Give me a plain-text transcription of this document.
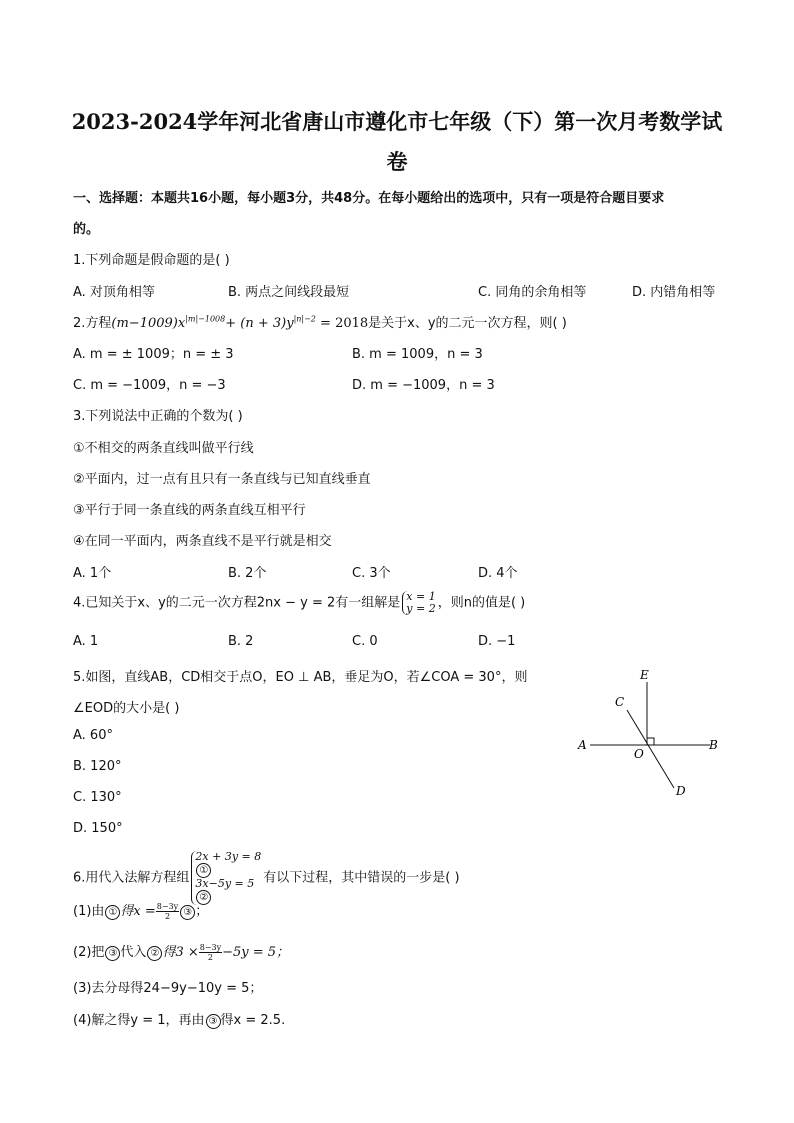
2023-2024学年河北省唐山市遵化市七年级（下）第一次月考数学试
卷
一、选择题：本题共16小题，每小题3分，共48分。在每小题给出的选项中，只有一项是符合题目要求
的。
1.下列命题是假命题的是( )
A. 对顶角相等	B. 两点之间线段最短	C. 同角的余角相等	D. 内错角相等
2.方程$(m-1009)x^{|m|-1008}+ (n + 3)y^{|n|-2} = 2018$是关于x、y的二元一次方程，则( )
A. m = ± 1009；n = ± 3	B. m = 1009，n = 3
C. m = −1009，n = −3	D. m = −1009，n = 3
3.下列说法中正确的个数为( )
①不相交的两条直线叫做平行线
②平面内，过一点有且只有一条直线与已知直线垂直
③平行于同一条直线的两条直线互相平行
④在同一平面内，两条直线不是平行就是相交
A. 1个	B. 2个	C. 3个	D. 4个
4.已知关于x、y的二元一次方程2nx − y = 2有一组解是 x = 1
y = 2 ，则n的值是( )
A. 1	B. 2	C. 0	D. −1
5.如图，直线AB，CD相交于点O，EO ⊥ AB，垂足为O，若∠COA = 30°，则
∠EOD的大小是( )
A. 60°
B. 120°
C. 130°
D. 150°
E
C
A
O
B
D
6.用代入法解方程组
2x + 3y = 8
①
3x−5y = 5
②
有以下过程，其中错误的一步是( )
(1)由 ① 得$x = \frac{8-3y}{2}$ ③ ；
(2)把 ③ 代入 ② 得$3 \times \frac{8-3y}{2} -5y = 5$；
(3)去分母得24−9y−10y = 5；
(4)解之得y = 1，再由 ③ 得x = 2.5.
